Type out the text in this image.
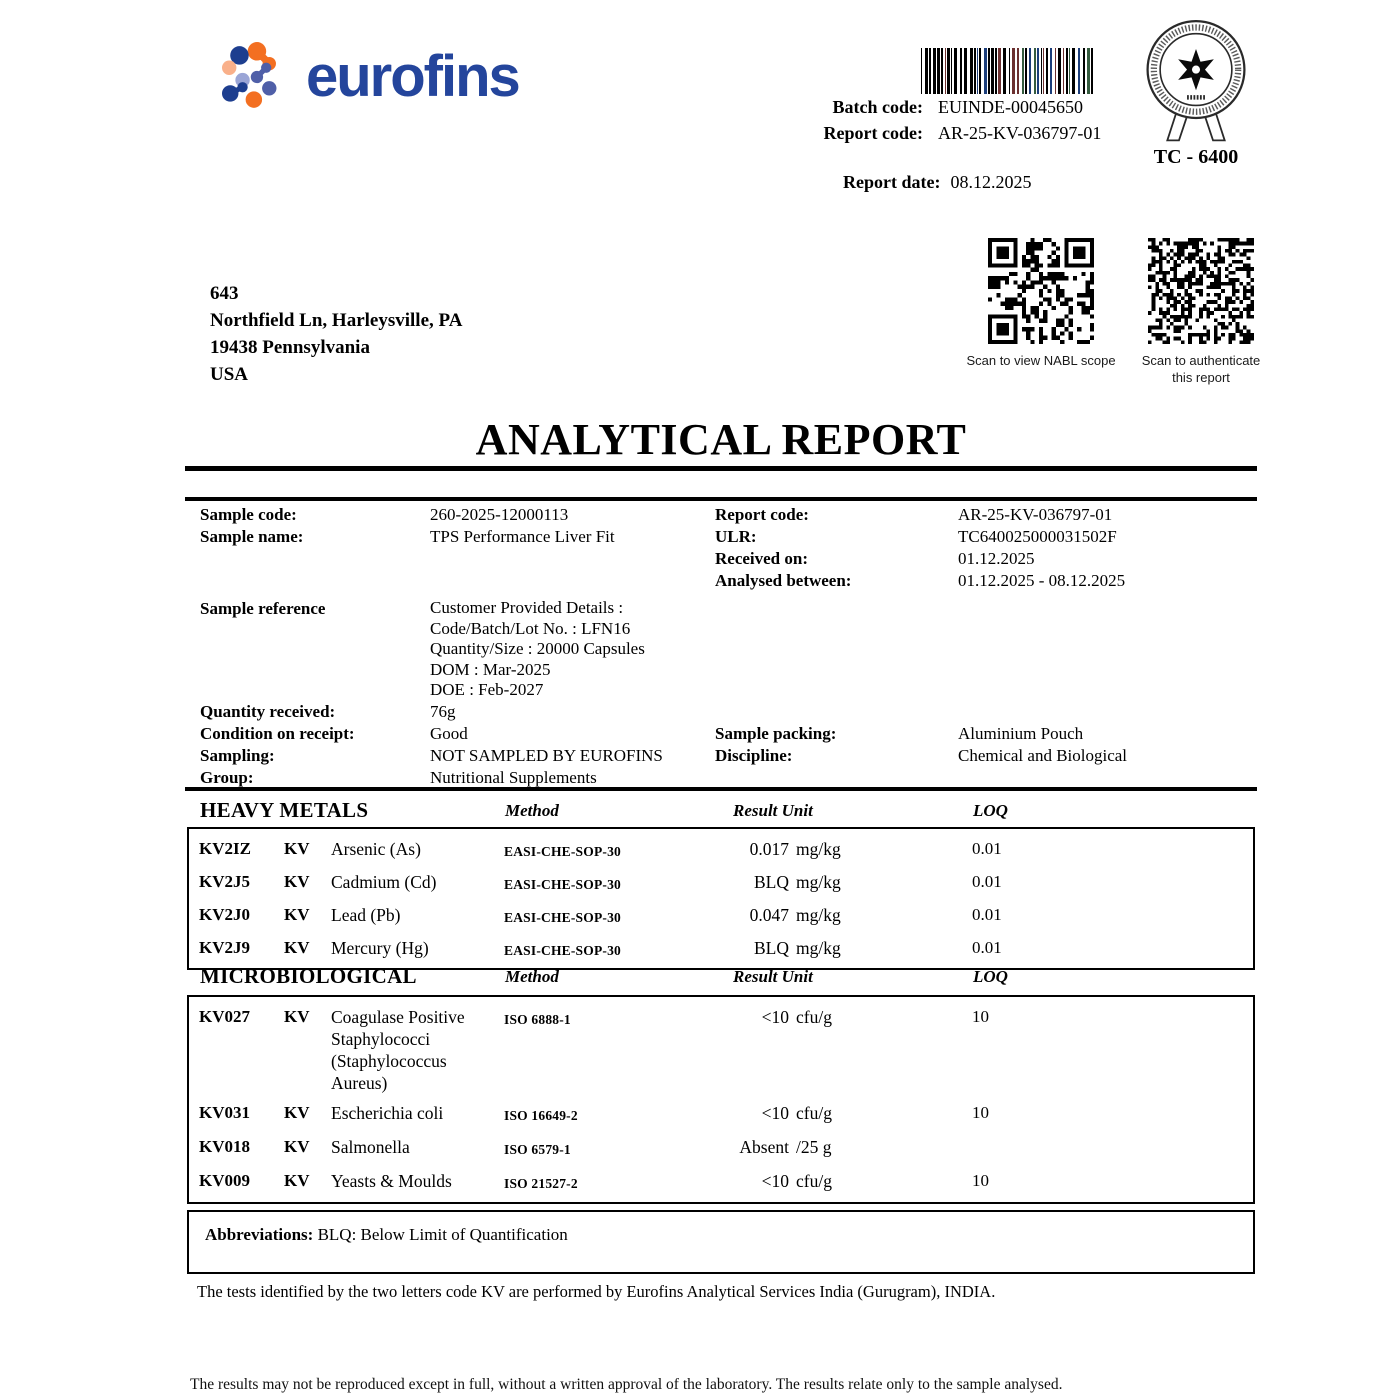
eurofins	Batch code: EUINDE-00045650
Report code: AR-25-KV-036797-01
Report date: 08.12.2025
TC - 6400
643
Northfield Ln, Harleysville, PA
19438 Pennsylvania
USA
Scan to view NABL scope	Scan to authenticate
this report
ANALYTICAL REPORT
Sample code:	260-2025-12000113	Report code:	AR-25-KV-036797-01
Sample name:	TPS Performance Liver Fit	ULR:	TC640025000031502F
Received on:	01.12.2025
Analysed between:	01.12.2025 - 08.12.2025
Sample reference	Customer Provided Details :
Code/Batch/Lot No. : LFN16
Quantity/Size : 20000 Capsules
DOM : Mar-2025
DOE : Feb-2027
Quantity received:	76g
Condition on receipt:	Good	Sample packing:	Aluminium Pouch
Sampling:	NOT SAMPLED BY EUROFINS	Discipline:	Chemical and Biological
Group:	Nutritional Supplements
HEAVY METALS	Method	Result Unit	LOQ
KV2IZ	KV	Arsenic (As)	EASI-CHE-SOP-30	0.017 mg/kg	0.01
KV2J5	KV	Cadmium (Cd)	EASI-CHE-SOP-30	BLQ mg/kg	0.01
KV2J0	KV	Lead (Pb)	EASI-CHE-SOP-30	0.047 mg/kg	0.01
KV2J9	KV	Mercury (Hg)	EASI-CHE-SOP-30	BLQ mg/kg	0.01
MICROBIOLOGICAL	Method	Result Unit	LOQ
KV027	KV	Coagulase Positive Staphylococci (Staphylococcus Aureus)
ISO 6888-1	<10 cfu/g	10
KV031	KV	Escherichia coli	ISO 16649-2	<10 cfu/g	10
KV018	KV	Salmonella	ISO 6579-1	Absent /25 g
KV009	KV	Yeasts & Moulds	ISO 21527-2	<10 cfu/g	10
Abbreviations: BLQ: Below Limit of Quantification
The tests identified by the two letters code KV are performed by Eurofins Analytical Services India (Gurugram), INDIA.
The results may not be reproduced except in full, without a written approval of the laboratory. The results relate only to the sample analysed.
